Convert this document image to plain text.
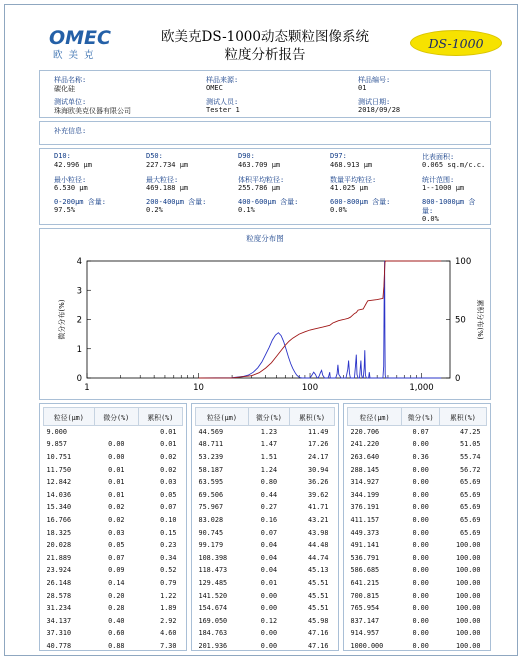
OMEC
欧美克
欧美克DS-1000动态颗粒图像系统
粒度分析报告
DS-1000
样品名称:
碳化硅
样品来源:
OMEC
样品编号:
01
测试单位:
珠海欧美克仪器有限公司
测试人员:
Tester 1
测试日期:
2018/09/28
补充信息:
D10:
42.996 μm
D50:
227.734 μm
D90:
463.709 μm
D97:
468.913 μm
比表面积:
0.065 sq.m/c.c.
最小粒径:
6.530 μm
最大粒径:
469.188 μm
体积平均粒径:
255.786 μm
数量平均粒径:
41.025 μm
统计范围:
1--1000 μm
0-200μm 含量:
97.5%
200-400μm 含量:
0.2%
400-600μm 含量:
0.1%
600-800μm 含量:
0.0%
800-1000μm 含
量:
0.0%
粒度分布图
1	10	100	1,000
0
1
2
3
4
0
50
100
微分分布(%)	累积分布(%)
粒径(μm)	微分(%)	累积(%)
9.000		0.01
9.857	0.00	0.01
10.751	0.00	0.02
11.750	0.01	0.02
12.842	0.01	0.03
14.036	0.01	0.05
15.340	0.02	0.07
16.766	0.02	0.10
18.325	0.03	0.15
20.028	0.05	0.23
21.889	0.07	0.34
23.924	0.09	0.52
26.148	0.14	0.79
28.578	0.20	1.22
31.234	0.28	1.89
34.137	0.40	2.92
37.310	0.60	4.60
40.778	0.88	7.30
粒径(μm)	微分(%)	累积(%)
44.569	1.23	11.49
48.711	1.47	17.26
53.239	1.51	24.17
58.187	1.24	30.94
63.595	0.80	36.26
69.506	0.44	39.62
75.967	0.27	41.71
83.028	0.16	43.21
90.745	0.07	43.98
99.179	0.04	44.48
108.398	0.04	44.74
118.473	0.04	45.13
129.485	0.01	45.51
141.520	0.00	45.51
154.674	0.00	45.51
169.050	0.12	45.98
184.763	0.00	47.16
201.936	0.00	47.16
粒径(μm)	微分(%)	累积(%)
220.706	0.07	47.25
241.220	0.00	51.05
263.640	0.36	55.74
288.145	0.00	56.72
314.927	0.00	65.69
344.199	0.00	65.69
376.191	0.00	65.69
411.157	0.00	65.69
449.373	0.00	65.69
491.141	0.00	100.00
536.791	0.00	100.00
586.685	0.00	100.00
641.215	0.00	100.00
700.815	0.00	100.00
765.954	0.00	100.00
837.147	0.00	100.00
914.957	0.00	100.00
1000.000	0.00	100.00
